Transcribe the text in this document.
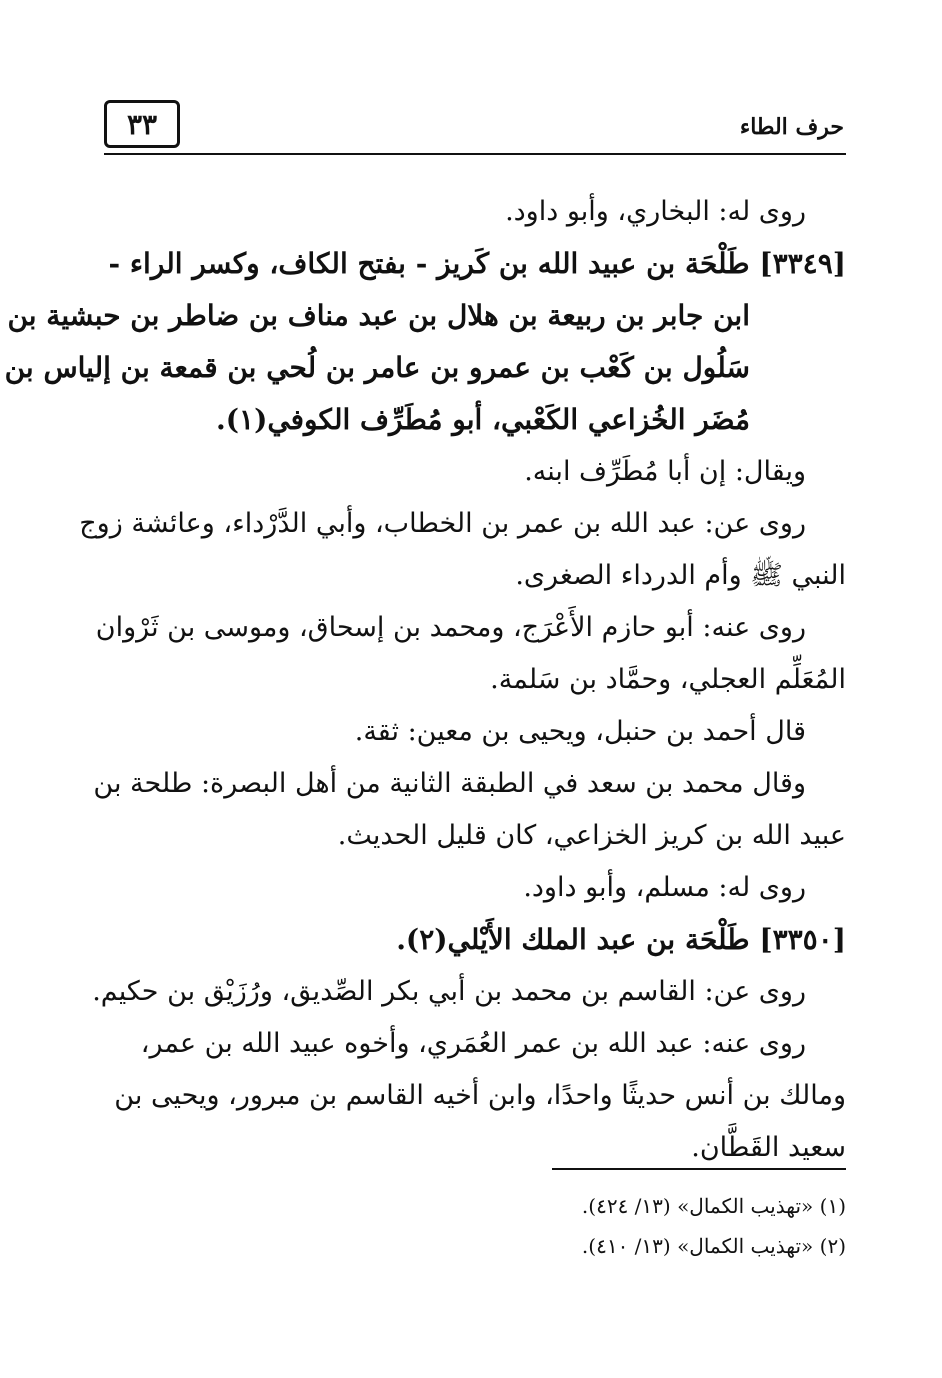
٣٣	حرف الطاء
روى له: البخاري، وأبو داود.
[٣٣٤٩] طَلْحَة بن عبيد الله بن كَريز - بفتح الكاف، وكسر الراء -
ابن جابر بن ربيعة بن هلال بن عبد مناف بن ضاطر بن حبشية بن
سَلُول بن كَعْب بن عمرو بن عامر بن لُحي بن قمعة بن إلياس بن
مُضَر الخُزاعي الكَعْبي، أبو مُطَرِّف الكوفي(١).
ويقال: إن أبا مُطَرِّف ابنه.
روى عن: عبد الله بن عمر بن الخطاب، وأبي الدَّرْداء، وعائشة زوج
النبي ﷺ وأم الدرداء الصغرى.
روى عنه: أبو حازم الأَعْرَج، ومحمد بن إسحاق، وموسى بن ثَرْوان
المُعَلِّم العجلي، وحمَّاد بن سَلمة.
قال أحمد بن حنبل، ويحيى بن معين: ثقة.
وقال محمد بن سعد في الطبقة الثانية من أهل البصرة: طلحة بن
عبيد الله بن كريز الخزاعي، كان قليل الحديث.
روى له: مسلم، وأبو داود.
[٣٣٥٠] طَلْحَة بن عبد الملك الأَيْلي(٢).
روى عن: القاسم بن محمد بن أبي بكر الصِّديق، ورُزَيْق بن حكيم.
روى عنه: عبد الله بن عمر العُمَري، وأخوه عبيد الله بن عمر،
ومالك بن أنس حديثًا واحدًا، وابن أخيه القاسم بن مبرور، ويحيى بن
سعيد القَطَّان.
(١) «تهذيب الكمال» (١٣/ ٤٢٤).
(٢) «تهذيب الكمال» (١٣/ ٤١٠).
